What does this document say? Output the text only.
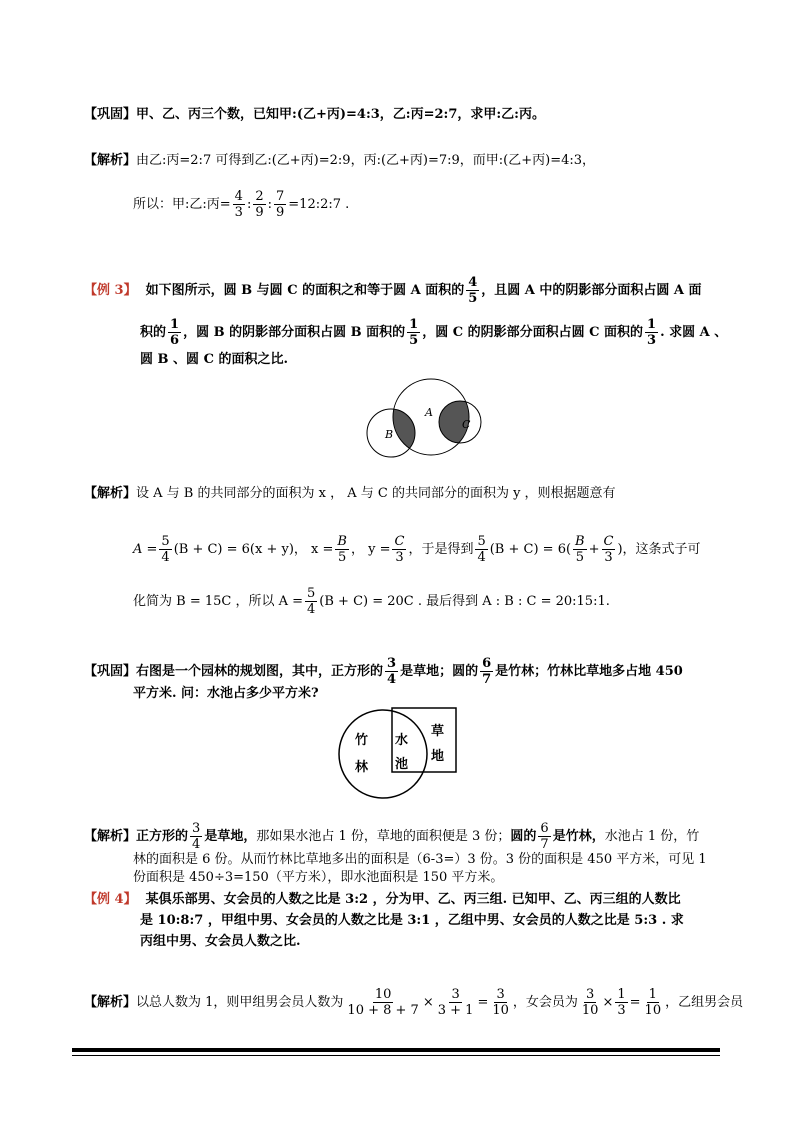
【巩固】甲、乙、丙三个数，已知甲:(乙+丙)=4:3，乙:丙=2:7，求甲:乙:丙。
【解析】由乙:丙=2:7 可得到乙:(乙+丙)=2:9，丙:(乙+丙)=7:9，而甲:(乙+丙)=4:3，
所以：甲:乙:丙= $\frac{4}{3}$ : $\frac{2}{9}$ : $\frac{7}{9}$ =12:2:7 .
【例 3】 如下图所示，圆 B 与圆 C 的面积之和等于圆 A 面积的 $\frac{4}{5}$ ，且圆 A 中的阴影部分面积占圆 A 面
积的 $\frac{1}{6}$ ，圆 B 的阴影部分面积占圆 B 面积的 $\frac{1}{5}$ ，圆 C 的阴影部分面积占圆 C 面积的 $\frac{1}{3}$ . 求圆 A 、
圆 B 、圆 C 的面积之比.
A
B
C
【解析】设 A 与 B 的共同部分的面积为 x ， A 与 C 的共同部分的面积为 y ，则根据题意有
$A = \frac{5}{4} (B + C) = 6(x + y)$， $x = \frac{B}{5}$ ， $y = \frac{C}{3}$ ，于是得到 $\frac{5}{4} (B + C) = 6( \frac{B}{5} + \frac{C}{3}$ )，这条式子可
化简为 B = 15C ，所以 $A = \frac{5}{4} (B + C) = 20C$ . 最后得到 A : B : C = 20:15:1.
【巩固】右图是一个园林的规划图，其中，正方形的 $\frac{3}{4}$ 是草地；圆的 $\frac{6}{7}$ 是竹林；竹林比草地多占地 450
平方米. 问：水池占多少平方米?
竹
林
水
池
草
地
【解析】正方形的 $\frac{3}{4}$ 是草地，那如果水池占 1 份，草地的面积便是 3 份；圆的 $\frac{6}{7}$ 是竹林，水池占 1 份，竹
林的面积是 6 份。从而竹林比草地多出的面积是（6-3=）3 份。3 份的面积是 450 平方米，可见 1
份面积是 450÷3=150（平方米），即水池面积是 150 平方米。
【例 4】 某俱乐部男、女会员的人数之比是 3:2 ，分为甲、乙、丙三组. 已知甲、乙、丙三组的人数比
是 10:8:7 ，甲组中男、女会员的人数之比是 3:1 ，乙组中男、女会员的人数之比是 5:3 . 求
丙组中男、女会员人数之比.
【解析】以总人数为 1，则甲组男会员人数为 $\frac{10}{10 + 8 + 7} \times \frac{3}{3 + 1} = \frac{3}{10}$ ，女会员为 $\frac{3}{10} \times \frac{1}{3} = \frac{1}{10}$ ，乙组男会员
